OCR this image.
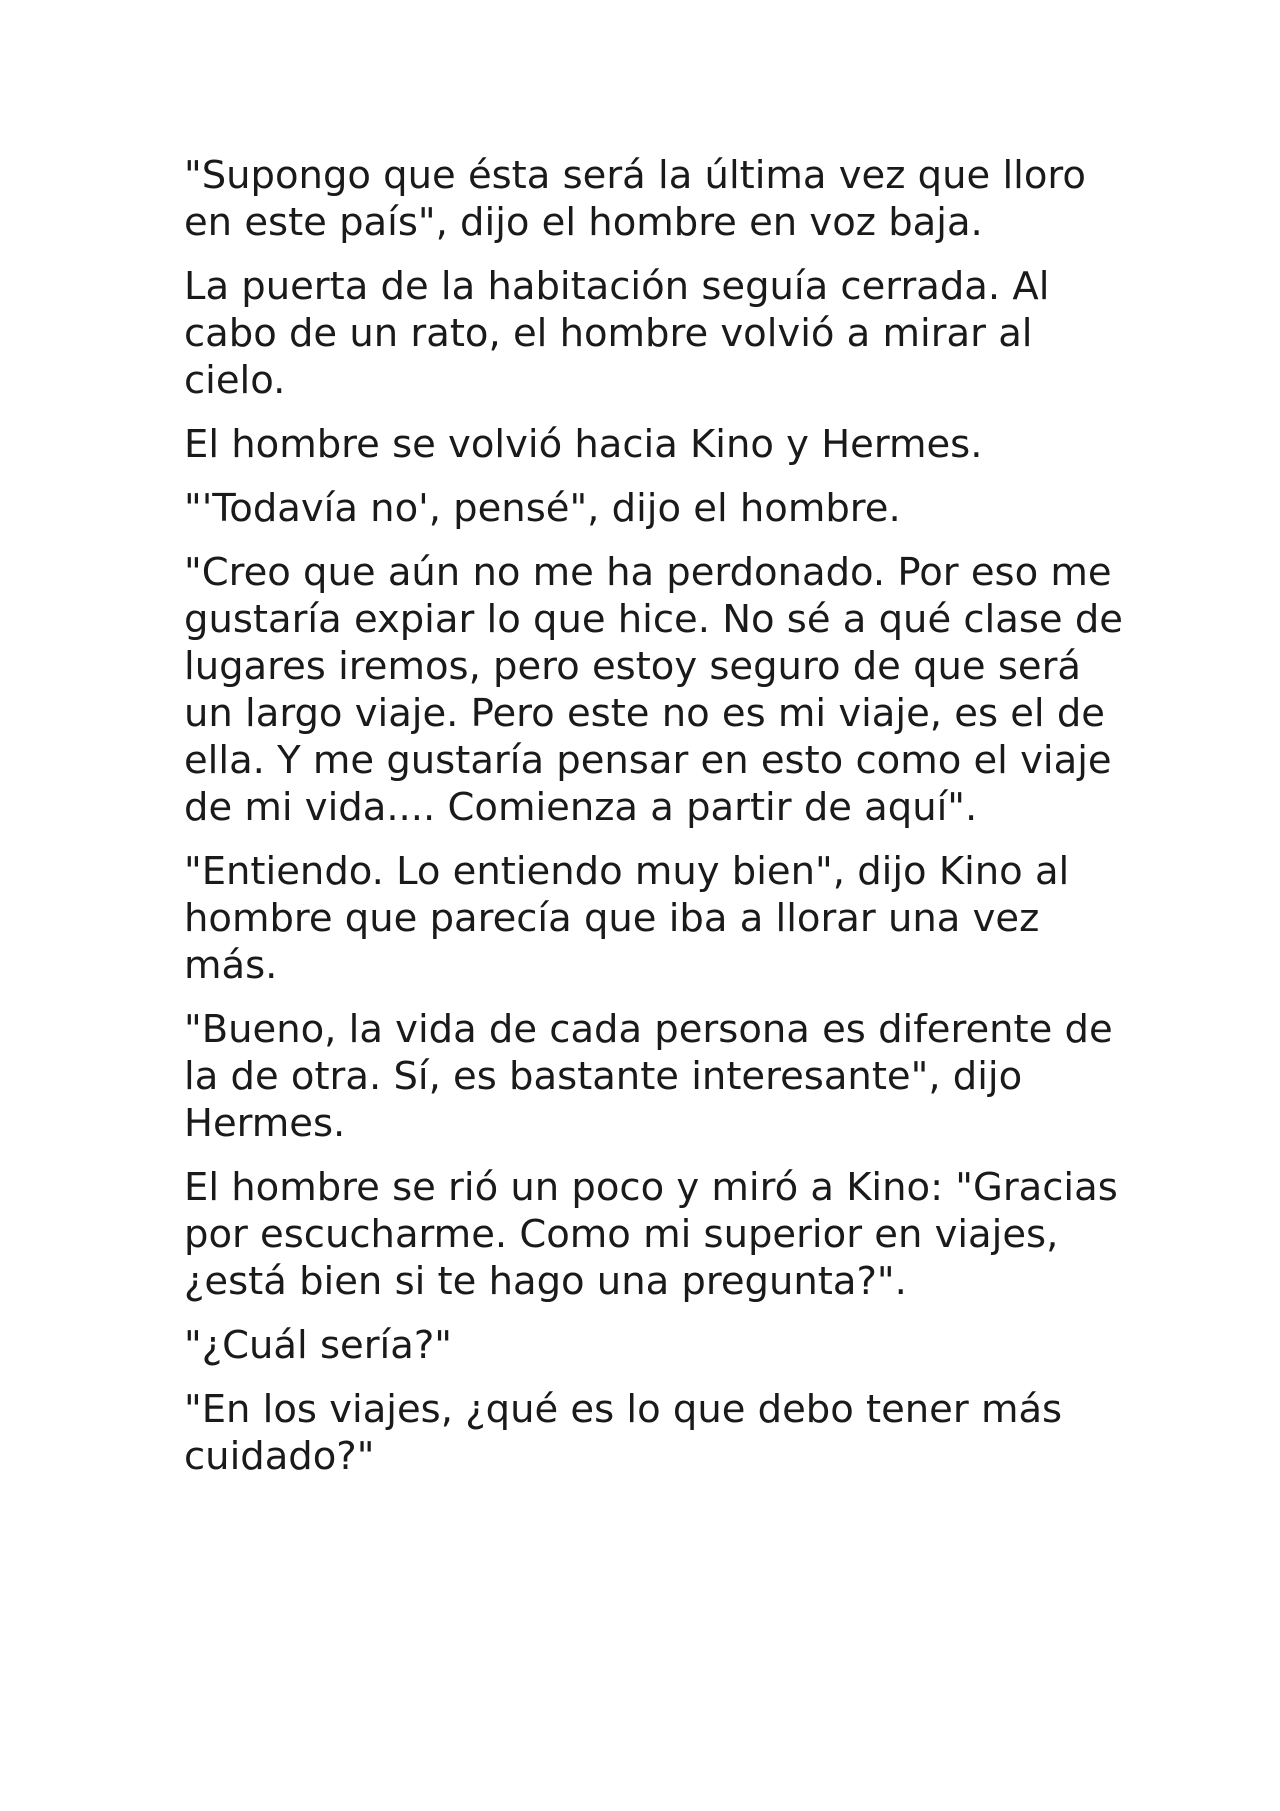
"Supongo que ésta será la última vez que lloro en este país", dijo el hombre en voz baja.

La puerta de la habitación seguía cerrada. Al cabo de un rato, el hombre volvió a mirar al cielo.

El hombre se volvió hacia Kino y Hermes.

"'Todavía no', pensé", dijo el hombre.

"Creo que aún no me ha perdonado. Por eso me gustaría expiar lo que hice. No sé a qué clase de lugares iremos, pero estoy seguro de que será un largo viaje. Pero este no es mi viaje, es el de ella. Y me gustaría pensar en esto como el viaje de mi vida.... Comienza a partir de aquí".

"Entiendo. Lo entiendo muy bien", dijo Kino al hombre que parecía que iba a llorar una vez más.

"Bueno, la vida de cada persona es diferente de la de otra. Sí, es bastante interesante", dijo Hermes.

El hombre se rió un poco y miró a Kino: "Gracias por escucharme. Como mi superior en viajes, ¿está bien si te hago una pregunta?".

"¿Cuál sería?"

"En los viajes, ¿qué es lo que debo tener más cuidado?"
